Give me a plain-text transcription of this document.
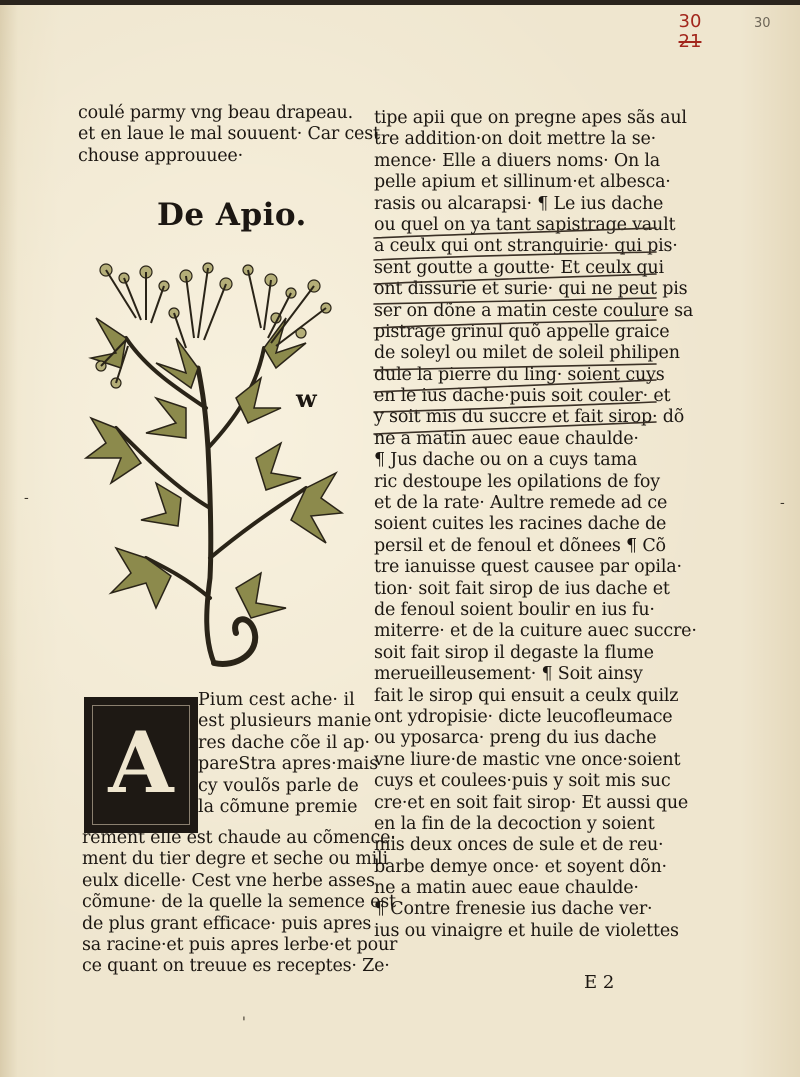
30
21
30
coulé parmy vng beau drapeau.
et en laue le mal souuent· Car cest
chouse approuuee·
De Apio.
w
A
Pium cest ache· il
est plusieurs manie
res dache cõe il ap·
pareStra apres·mais
cy voulõs parle de
la cõmune premie
rement elle est chaude au cõmence·
ment du tier degre et seche ou mili
eulx dicelle· Cest vne herbe asses
cõmune· de la quelle la semence est
de plus grant efficace· puis apres
sa racine·et puis apres lerbe·et pour
ce quant on treuue es receptes· Ze·
tipe apii que on pregne apes sãs aul
tre addition·on doit mettre la se·
mence· Elle a diuers noms· On la
pelle apium et sillinum·et albesca·
rasis ou alcarapsi· ¶ Le ius dache
ou quel on ya tant sapistrage vault
a ceulx qui ont stranguirie· qui pis·
sent goutte a goutte· Et ceulx qui
ont dissurie et surie· qui ne peut pis
ser on dõne a matin ceste coulure sa
pistrage grinul quõ appelle graice
de soleyl ou milet de soleil philipen
dule la pierre du ling· soient cuys
en le ius dache·puis soit couler· et
y soit mis du succre et fait sirop· dõ
ne a matin auec eaue chaulde·
¶ Jus dache ou on a cuys tama
ric destoupe les opilations de foy
et de la rate· Aultre remede ad ce
soient cuites les racines dache de
persil et de fenoul et dõnees ¶ Cõ
tre ianuisse quest causee par opila·
tion· soit fait sirop de ius dache et
de fenoul soient boulir en ius fu·
miterre· et de la cuiture auec succre·
soit fait sirop il degaste la flume
merueilleusement· ¶ Soit ainsy
fait le sirop qui ensuit a ceulx quilz
ont ydropisie· dicte leucofleumace
ou yposarca· preng du ius dache
vne liure·de mastic vne once·soient
cuys et coulees·puis y soit mis suc
cre·et en soit fait sirop· Et aussi que
en la fin de la decoction y soient
mis deux onces de sule et de reu·
barbe demye once· et soyent dõn·
ne a matin auec eaue chaulde·
¶ Contre frenesie ius dache ver·
ius ou vinaigre et huile de violettes
E 2
-	-
'
